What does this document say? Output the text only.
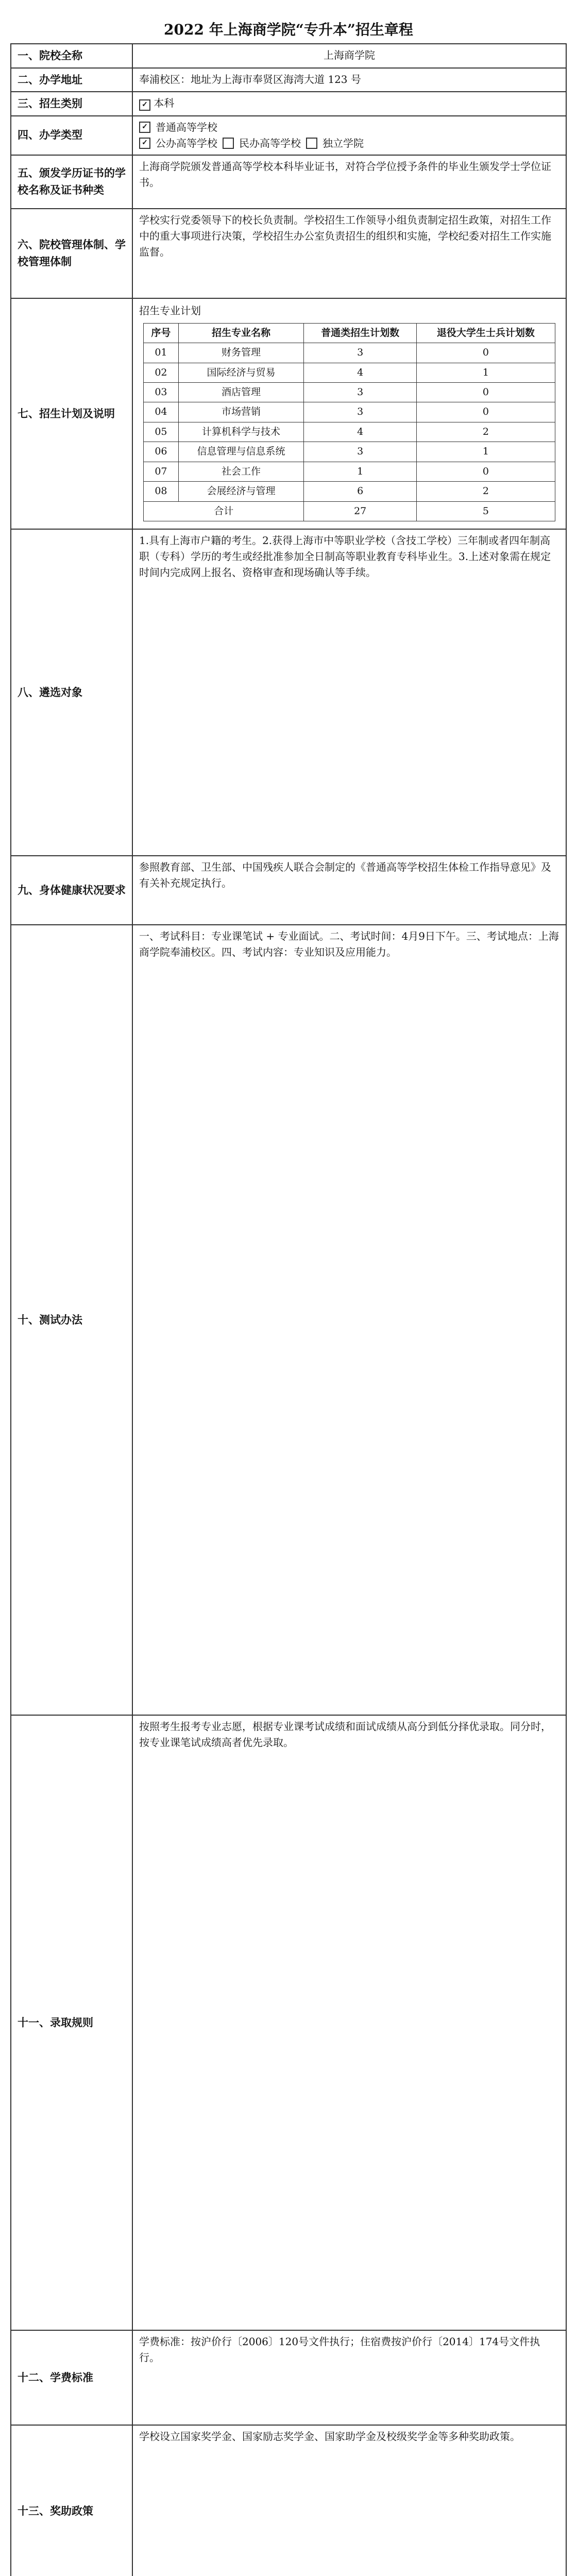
2022 年上海商学院“专升本”招生章程
一、院校全称	上海商学院
二、办学地址	奉浦校区：地址为上海市奉贤区海湾大道 123 号
三、招生类别	✓ 本科
四、办学类型	
✓ 普通高等学校
✓ 公办高等学校 民办高等学校 独立学院

五、颁发学历证书的学校名称及证书种类	上海商学院颁发普通高等学校本科毕业证书，对符合学位授予条件的毕业生颁发学士学位证书。
六、院校管理体制、学校管理体制	学校实行党委领导下的校长负责制。学校招生工作领导小组负责制定招生政策，对招生工作中的重大事项进行决策，学校招生办公室负责招生的组织和实施，学校纪委对招生工作实施监督。
七、招生计划及说明	
招生专业计划
序号	招生专业名称	普通类招生计划数	退役大学生士兵计划数
01	财务管理	3	0
02	国际经济与贸易	4	1
03	酒店管理	3	0
04	市场营销	3	0
05	计算机科学与技术	4	2
06	信息管理与信息系统	3	1
07	社会工作	1	0
08	会展经济与管理	6	2
合计	27	5

八、遴选对象	1.具有上海市户籍的考生。2.获得上海市中等职业学校（含技工学校）三年制或者四年制高职（专科）学历的考生或经批准参加全日制高等职业教育专科毕业生。3.上述对象需在规定时间内完成网上报名、资格审查和现场确认等手续。
九、身体健康状况要求	参照教育部、卫生部、中国残疾人联合会制定的《普通高等学校招生体检工作指导意见》及有关补充规定执行。
十、测试办法	一、考试科目：专业课笔试 + 专业面试。二、考试时间：4月9日下午。三、考试地点：上海商学院奉浦校区。四、考试内容：专业知识及应用能力。
十一、录取规则	按照考生报考专业志愿，根据专业课考试成绩和面试成绩从高分到低分择优录取。同分时，按专业课笔试成绩高者优先录取。
十二、学费标准	学费标准：按沪价行〔2006〕120号文件执行；住宿费按沪价行〔2014〕174号文件执行。
十三、奖助政策	学校设立国家奖学金、国家励志奖学金、国家助学金及校级奖学金等多种奖助政策。
